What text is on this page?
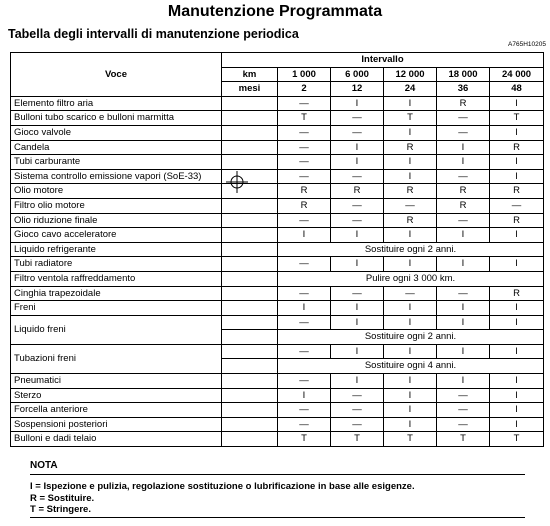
Manutenzione Programmata
Tabella degli intervalli di manutenzione periodica
A765H10205
Voce	Intervallo					
	km	1 000	6 000	12 000	18 000	24 000
	mesi	2	12	24	36	48
Elemento filtro aria		—	I	I	R	I
Bulloni tubo scarico e bulloni marmitta		T	—	T	—	T
Gioco valvole		—	—	I	—	I
Candela		—	I	R	I	R
Tubi carburante		—	I	I	I	I
Sistema controllo emissione vapori (SoE-33)		—	—	I	—	I
Olio motore		R	R	R	R	R
Filtro olio motore		R	—	—	R	—
Olio riduzione finale		—	—	R	—	R
Gioco cavo acceleratore		I	I	I	I	I
Liquido refrigerante		Sostituire ogni 2 anni.				
Tubi radiatore		—	I	I	I	I
Filtro ventola raffreddamento		Pulire ogni 3 000 km.				
Cinghia trapezoidale		—	—	—	—	R
Freni		I	I	I	I	I
Liquido freni		—	I	I	I	I
		Sostituire ogni 2 anni.				
Tubazioni freni		—	I	I	I	I
		Sostituire ogni 4 anni.				
Pneumatici		—	I	I	I	I
Sterzo		I	—	I	—	I
Forcella anteriore		—	—	I	—	I
Sospensioni posteriori		—	—	I	—	I
Bulloni e dadi telaio		T	T	T	T	T
NOTA
I = Ispezione e pulizia, regolazione sostituzione o lubrificazione in base alle esigenze.
R = Sostituire.
T = Stringere.
